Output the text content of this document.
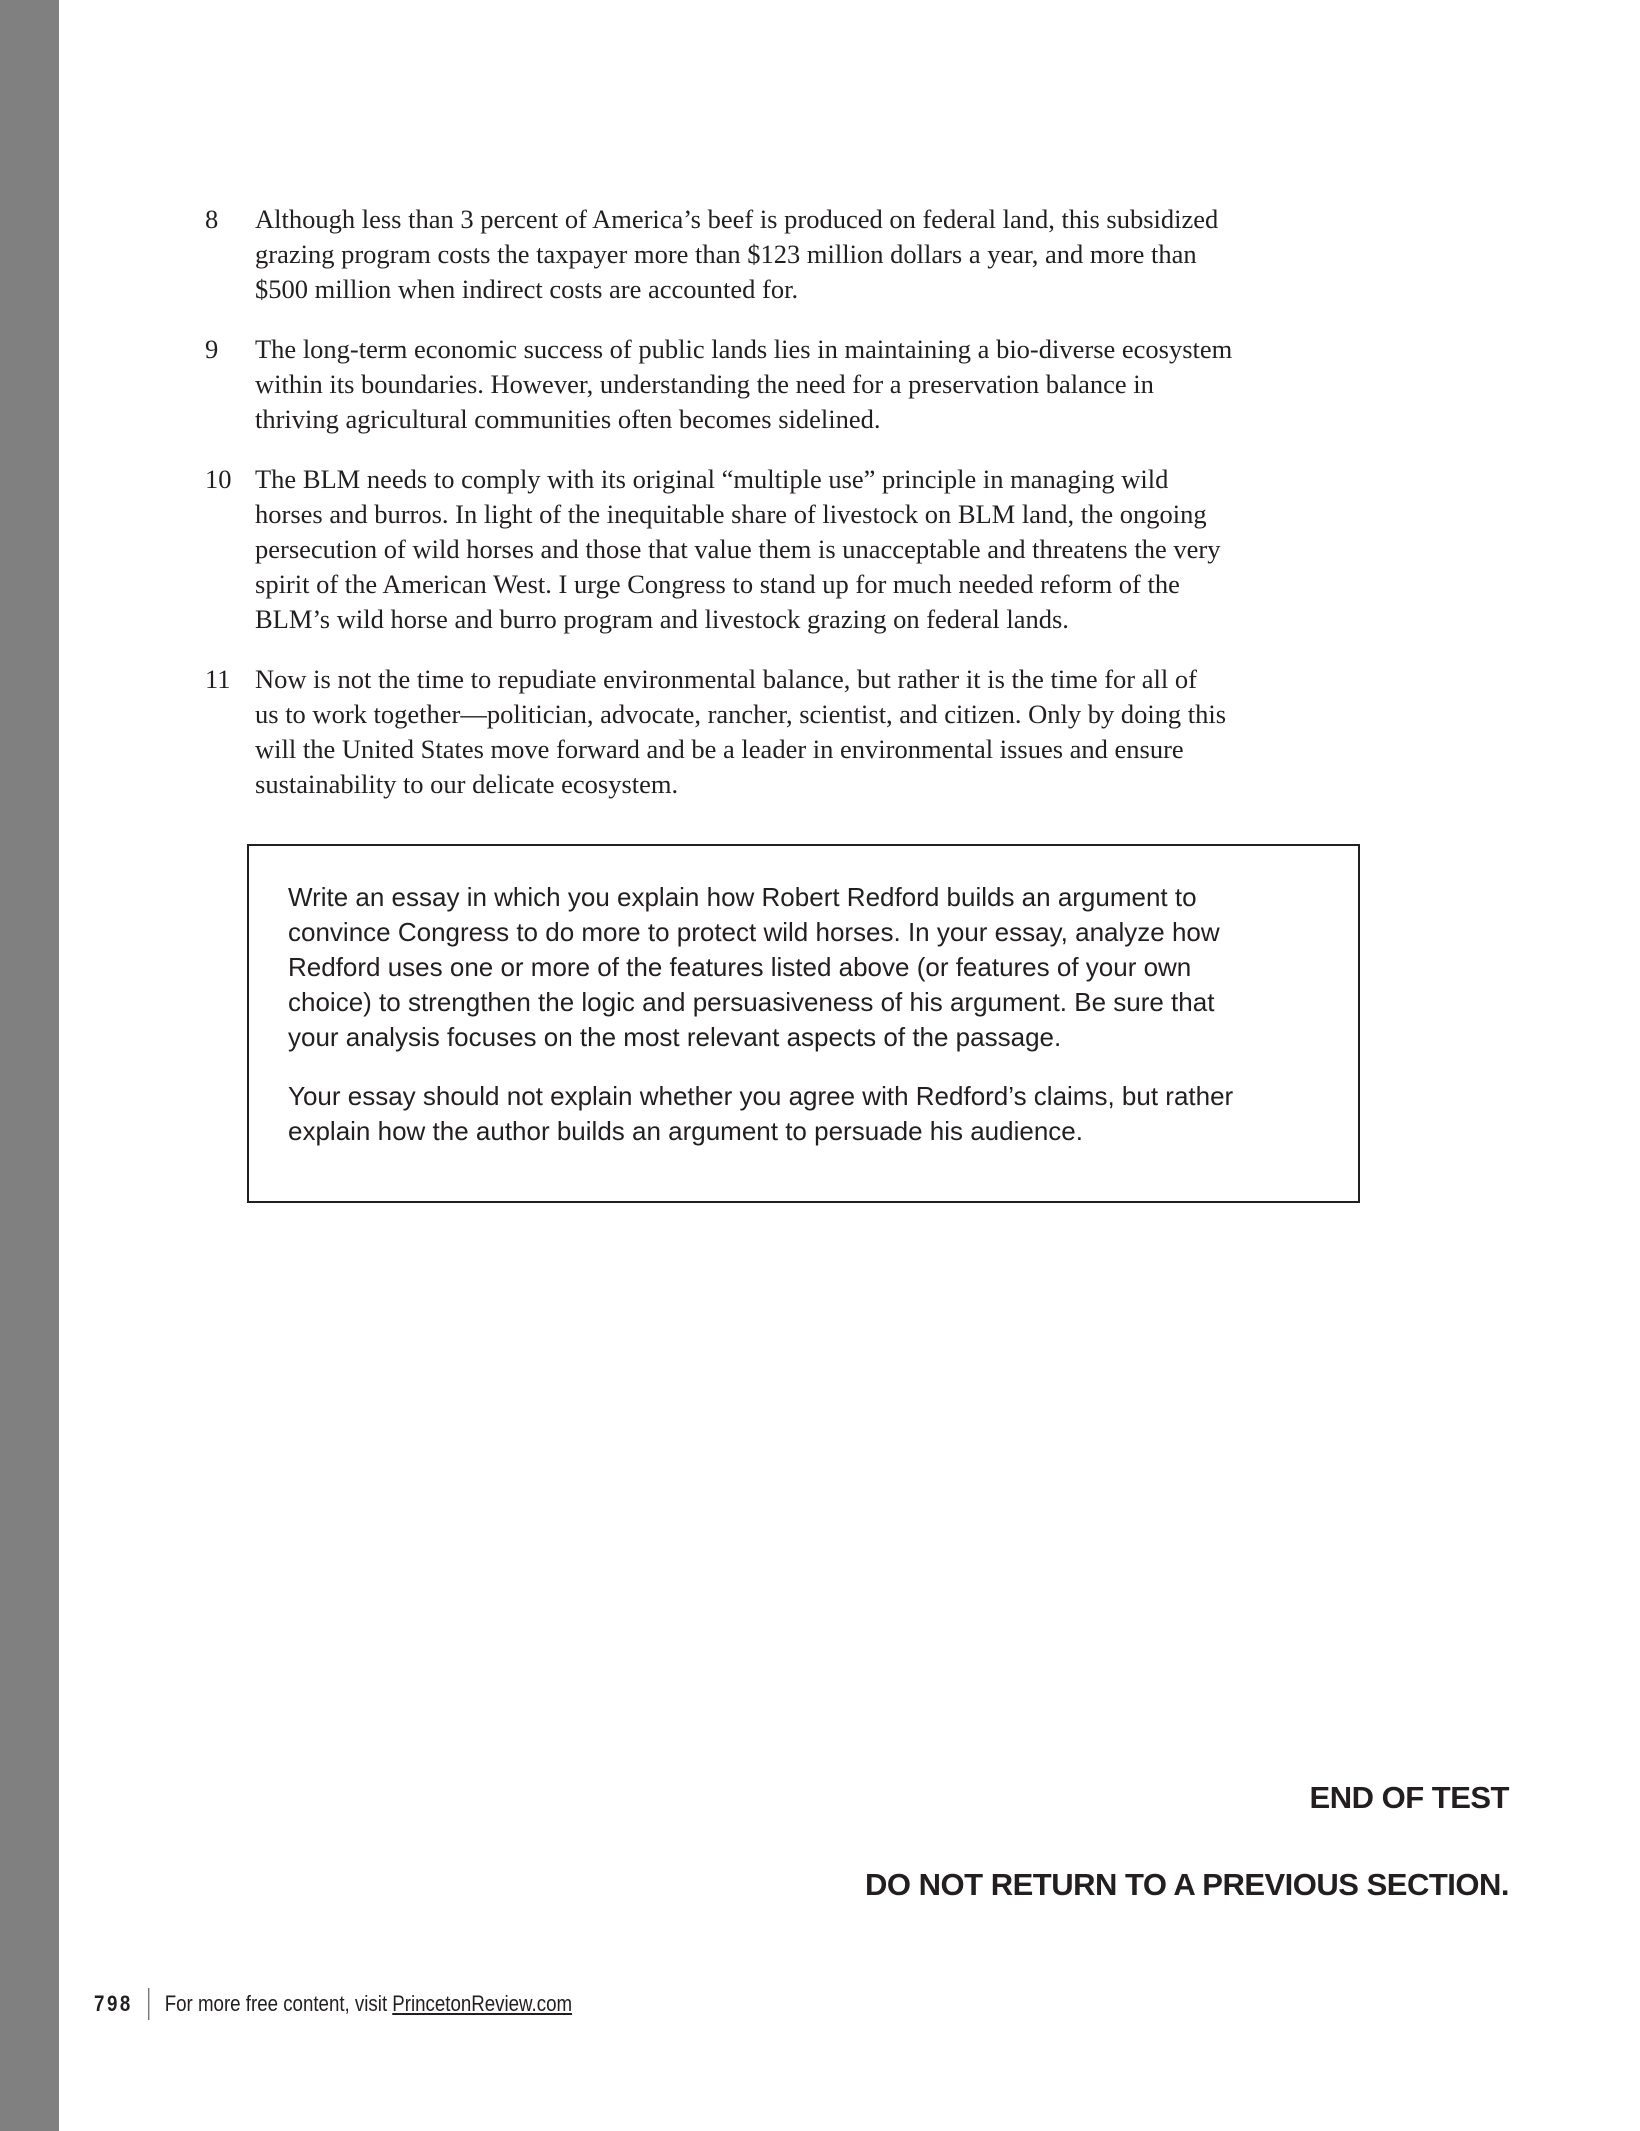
8 Although less than 3 percent of America’s beef is produced on federal land, this subsidized
grazing program costs the taxpayer more than $123 million dollars a year, and more than
$500 million when indirect costs are accounted for.
9 The long-term economic success of public lands lies in maintaining a bio-diverse ecosystem
within its boundaries. However, understanding the need for a preservation balance in
thriving agricultural communities often becomes sidelined.
10 The BLM needs to comply with its original “multiple use” principle in managing wild
horses and burros. In light of the inequitable share of livestock on BLM land, the ongoing
persecution of wild horses and those that value them is unacceptable and threatens the very
spirit of the American West. I urge Congress to stand up for much needed reform of the
BLM’s wild horse and burro program and livestock grazing on federal lands.
11 Now is not the time to repudiate environmental balance, but rather it is the time for all of
us to work together—politician, advocate, rancher, scientist, and citizen. Only by doing this
will the United States move forward and be a leader in environmental issues and ensure
sustainability to our delicate ecosystem.
Write an essay in which you explain how Robert Redford builds an argument to
convince Congress to do more to protect wild horses. In your essay, analyze how
Redford uses one or more of the features listed above (or features of your own
choice) to strengthen the logic and persuasiveness of his argument. Be sure that
your analysis focuses on the most relevant aspects of the passage.
Your essay should not explain whether you agree with Redford’s claims, but rather
explain how the author builds an argument to persuade his audience.
END OF TEST
DO NOT RETURN TO A PREVIOUS SECTION.
798 For more free content, visit PrincetonReview.com
